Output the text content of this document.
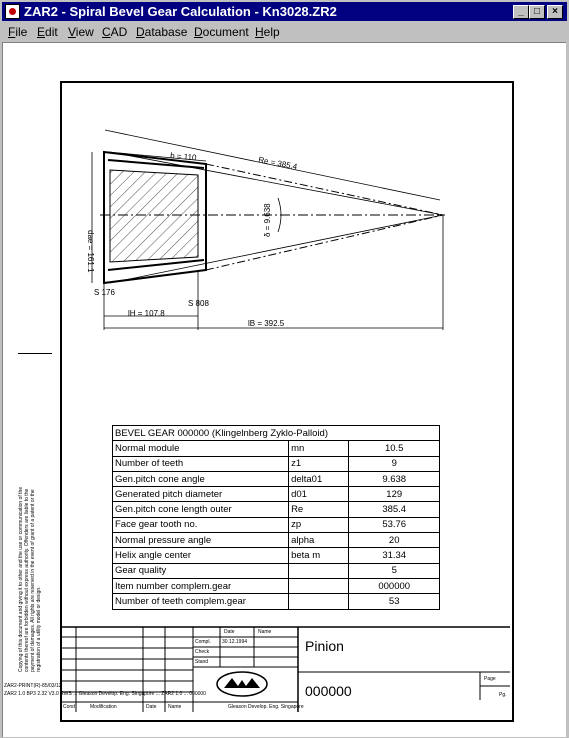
ZAR2 - Spiral Bevel Gear Calculation - Kn3028.ZR2	_	□	×
File Edit View CAD Database Document Help
b = 110	Re = 385.4
dae = 161.1
δ = 9.638
S 176
S 808
lH = 107.8
lB = 392.5
Copying of this document and giving it to other and the use or communication of the contents thereof are forbidden without express authority. Offenders are liable to the payment of damages. All rights are reserved in the event of grant of a patent or the registration of a utility model or design.
BEVEL GEAR 000000 (Klingelnberg Zyklo-Palloid)		
Normal module	mn	10.5
Number of teeth	z1	9
Gen.pitch cone angle	delta01	9.638
Generated pitch diameter	d01	129
Gen.pitch cone length outer	Re	385.4
Face gear tooth no.	zp	53.76
Normal pressure angle	alpha	20
Helix angle center	beta m	31.34
Gear quality		5
Item number complem.gear		000000
Number of teeth complem.gear		53
Date	Name
Compl. 30.12.1994
Check
Stand
Pinion
000000
Page
Pg.
Cond	Modification	Date Name	Gleason Develop. Eng. Singapore
ZAR2-PRINT(R)-85/03/12
ZAR2 1.0 BP3 2.32 V3.0 RWS ... Gleason Develop. Eng. Singapore ... ZAR2 1.0 ... 000000
